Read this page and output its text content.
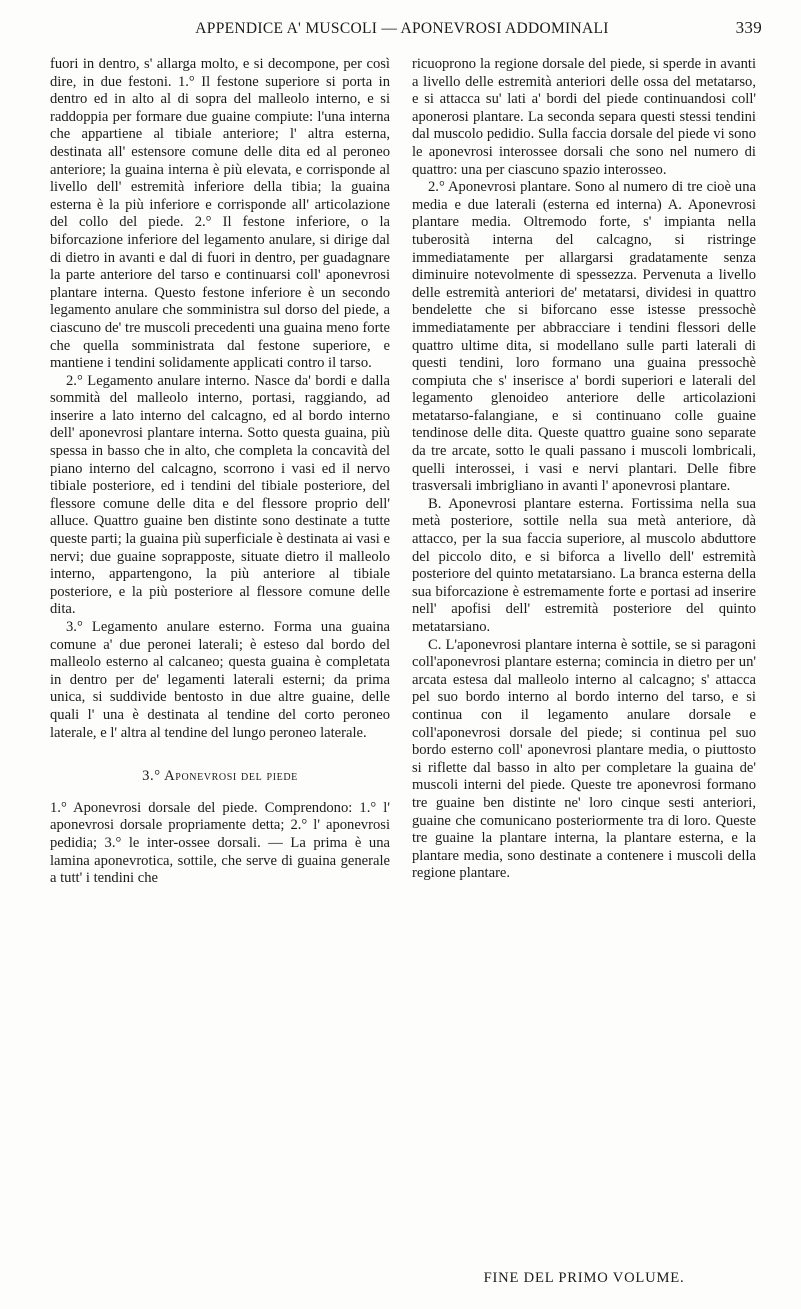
APPENDICE A' MUSCOLI — APONEVROSI ADDOMINALI	339

fuori in dentro, s' allarga molto, e si decompone, per così dire, in due festoni. 1.° Il festone superiore si porta in dentro ed in alto al di sopra del malleolo interno, e si raddoppia per formare due guaine compiute: l'una interna che appartiene al tibiale anteriore; l' altra esterna, destinata all' estensore comune delle dita ed al peroneo anteriore; la guaina interna è più elevata, e corrisponde al livello dell' estremità inferiore della tibia; la guaina esterna è la più inferiore e corrisponde all' articolazione del collo del piede. 2.° Il festone inferiore, o la biforcazione inferiore del legamento anulare, si dirige dal di dietro in avanti e dal di fuori in dentro, per guadagnare la parte anteriore del tarso e continuarsi coll' aponevrosi plantare interna. Questo festone inferiore è un secondo legamento anulare che somministra sul dorso del piede, a ciascuno de' tre muscoli precedenti una guaina meno forte che quella somministrata dal festone superiore, e mantiene i tendini solidamente applicati contro il tarso.

2.° Legamento anulare interno. Nasce da' bordi e dalla sommità del malleolo interno, portasi, raggiando, ad inserire a lato interno del calcagno, ed al bordo interno dell' aponevrosi plantare interna. Sotto questa guaina, più spessa in basso che in alto, che completa la concavità del piano interno del calcagno, scorrono i vasi ed il nervo tibiale posteriore, ed i tendini del tibiale posteriore, del flessore comune delle dita e del flessore proprio dell' alluce. Quattro guaine ben distinte sono destinate a tutte queste parti; la guaina più superficiale è destinata ai vasi e nervi; due guaine soprapposte, situate dietro il malleolo interno, appartengono, la più anteriore al tibiale posteriore, e la più posteriore al flessore comune delle dita.

3.° Legamento anulare esterno. Forma una guaina comune a' due peronei laterali; è esteso dal bordo del malleolo esterno al calcaneo; questa guaina è completata in dentro per de' legamenti laterali esterni; da prima unica, si suddivide bentosto in due altre guaine, delle quali l' una è destinata al tendine del corto peroneo laterale, e l' altra al tendine del lungo peroneo laterale.

3.° Aponevrosi del piede

1.° Aponevrosi dorsale del piede. Comprendono: 1.° l' aponevrosi dorsale propriamente detta; 2.° l' aponevrosi pedidia; 3.° le inter-ossee dorsali. — La prima è una lamina aponevrotica, sottile, che serve di guaina generale a tutt' i tendini che

ricuoprono la regione dorsale del piede, si sperde in avanti a livello delle estremità anteriori delle ossa del metatarso, e si attacca su' lati a' bordi del piede continuandosi coll' aponerosi plantare. La seconda separa questi stessi tendini dal muscolo pedidio. Sulla faccia dorsale del piede vi sono le aponevrosi interossee dorsali che sono nel numero di quattro: una per ciascuno spazio interosseo.

2.° Aponevrosi plantare. Sono al numero di tre cioè una media e due laterali (esterna ed interna) A. Aponevrosi plantare media. Oltremodo forte, s' impianta nella tuberosità interna del calcagno, si ristringe immediatamente per allargarsi gradatamente senza diminuire notevolmente di spessezza. Pervenuta a livello delle estremità anteriori de' metatarsi, dividesi in quattro bendelette che si biforcano esse istesse pressochè immediatamente per abbracciare i tendini flessori delle quattro ultime dita, si modellano sulle parti laterali di questi tendini, loro formano una guaina pressochè compiuta che s' inserisce a' bordi superiori e laterali del legamento glenoideo anteriore delle articolazioni metatarso-falangiane, e si continuano colle guaine tendinose delle dita. Queste quattro guaine sono separate da tre arcate, sotto le quali passano i muscoli lombricali, quelli interossei, i vasi e nervi plantari. Delle fibre trasversali imbrigliano in avanti l' aponevrosi plantare.

B. Aponevrosi plantare esterna. Fortissima nella sua metà posteriore, sottile nella sua metà anteriore, dà attacco, per la sua faccia superiore, al muscolo abduttore del piccolo dito, e si biforca a livello dell' estremità posteriore del quinto metatarsiano. La branca esterna della sua biforcazione è estremamente forte e portasi ad inserire nell' apofisi dell' estremità posteriore del quinto metatarsiano.

C. L'aponevrosi plantare interna è sottile, se si paragoni coll'aponevrosi plantare esterna; comincia in dietro per un' arcata estesa dal malleolo interno al calcagno; s' attacca pel suo bordo interno al bordo interno del tarso, e si continua con il legamento anulare dorsale e coll'aponevrosi dorsale del piede; si continua pel suo bordo esterno coll' aponevrosi plantare media, o piuttosto si riflette dal basso in alto per completare la guaina de' muscoli interni del piede. Queste tre aponevrosi formano tre guaine ben distinte ne' loro cinque sesti anteriori, guaine che comunicano posteriormente tra di loro. Queste tre guaine la plantare interna, la plantare esterna, e la plantare media, sono destinate a contenere i muscoli della regione plantare.

FINE DEL PRIMO VOLUME.
